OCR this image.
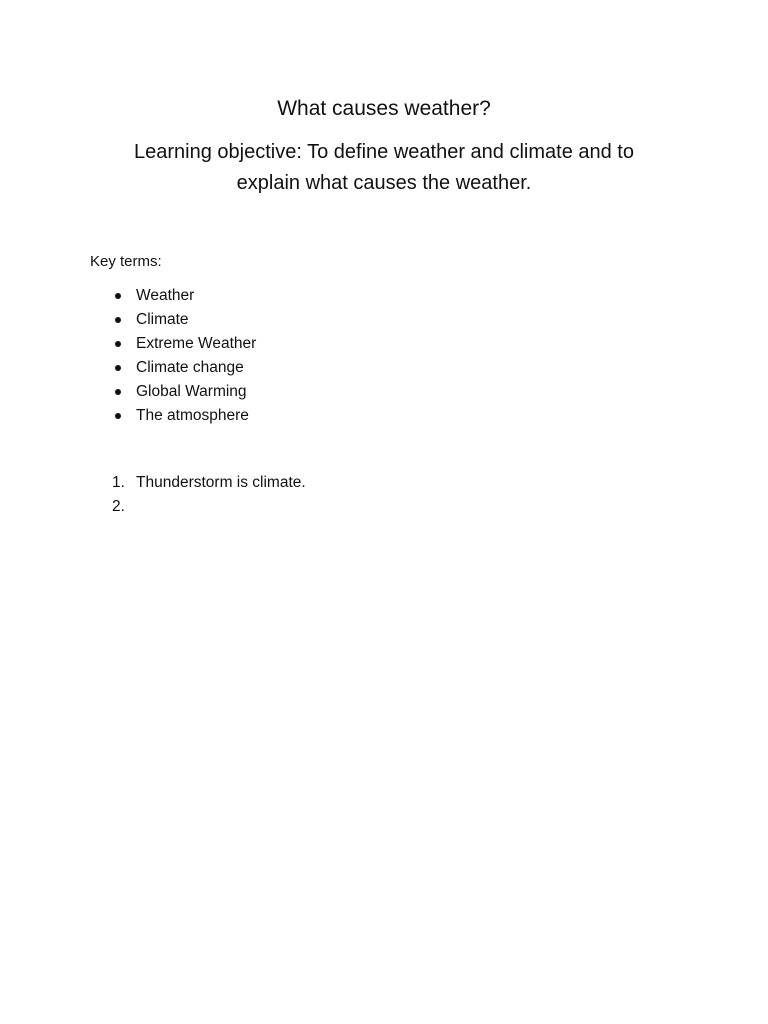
What causes weather?

Learning objective: To define weather and climate and to explain what causes the weather.

Key terms:

Weather
Climate
Extreme Weather
Climate change
Global Warming
The atmosphere
1. Thunderstorm is climate.
2.
